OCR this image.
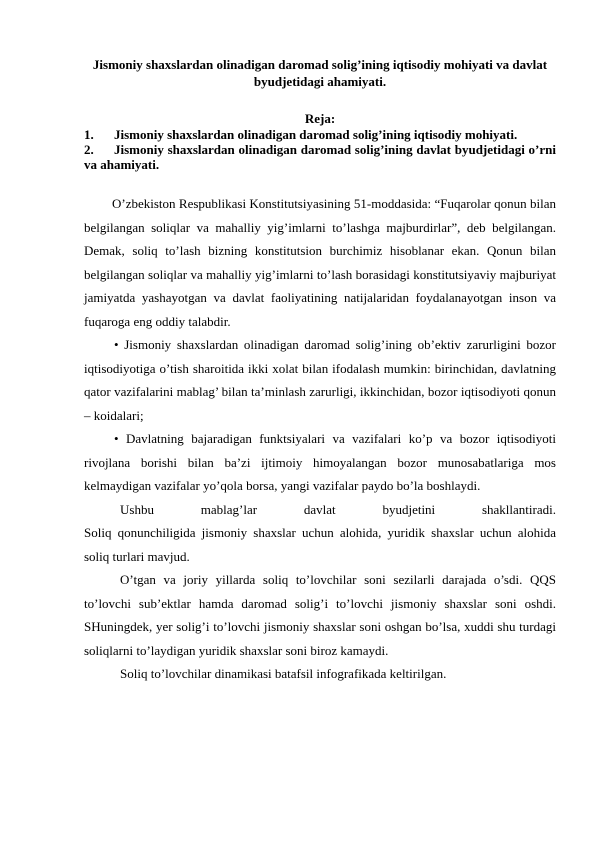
Jismoniy shaxslardan olinadigan daromad solig’ining iqtisodiy mohiyati va davlat byudjetidagi ahamiyati.

Reja:

1. Jismoniy shaxslardan olinadigan daromad solig’ining iqtisodiy mohiyati.
2. Jismoniy shaxslardan olinadigan daromad solig’ining davlat byudjetidagi o’rni va ahamiyati.

O’zbekiston Respublikasi Konstitutsiyasining 51-moddasida: “Fuqarolar qonun bilan belgilangan soliqlar va mahalliy yig’imlarni to’lashga majburdirlar”, deb belgilangan. Demak, soliq to’lash bizning konstitutsion burchimiz hisoblanar ekan. Qonun bilan belgilangan soliqlar va mahalliy yig’imlarni to’lash borasidagi konstitutsiyaviy majburiyat jamiyatda yashayotgan va davlat faoliyatining natijalaridan foydalanayotgan inson va fuqaroga eng oddiy talabdir.

• Jismoniy shaxslardan olinadigan daromad solig’ining ob’ektiv zarurligini bozor iqtisodiyotiga o’tish sharoitida ikki xolat bilan ifodalash mumkin: birinchidan, davlatning qator vazifalarini mablag’ bilan ta’minlash zarurligi, ikkinchidan, bozor iqtisodiyoti qonun – koidalari;

• Davlatning bajaradigan funktsiyalari va vazifalari ko’p va bozor iqtisodiyoti rivojlana borishi bilan ba’zi ijtimoiy himoyalangan bozor munosabatlariga mos kelmaydigan vazifalar yo’qola borsa, yangi vazifalar paydo bo’la boshlaydi.

Ushbu mablag’lar davlat byudjetini shakllantiradi.

Soliq qonunchiligida jismoniy shaxslar uchun alohida, yuridik shaxslar uchun alohida soliq turlari mavjud.

O’tgan va joriy yillarda soliq to’lovchilar soni sezilarli darajada o’sdi. QQS to’lovchi sub’ektlar hamda daromad solig’i to’lovchi jismoniy shaxslar soni oshdi. SHuningdek, yer solig’i to’lovchi jismoniy shaxslar soni oshgan bo’lsa, xuddi shu turdagi soliqlarni to’laydigan yuridik shaxslar soni biroz kamaydi.

Soliq to’lovchilar dinamikasi batafsil infografikada keltirilgan.
